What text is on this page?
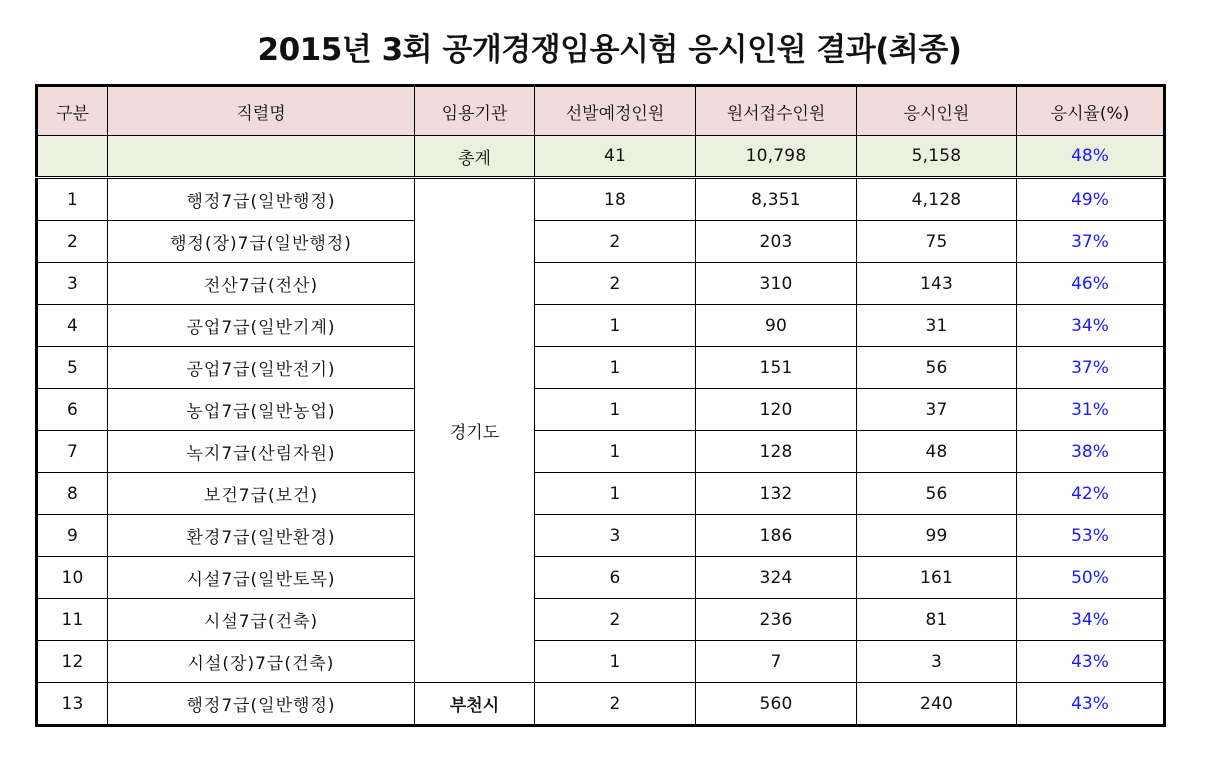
2015년 3회 공개경쟁임용시험 응시인원 결과(최종)
구분	직렬명	임용기관	선발예정인원	원서접수인원	응시인원	응시율(%)
		총계	41	10,798	5,158	48%
1	행정7급(일반행정)	경기도	18	8,351	4,128	49%
2	행정(장)7급(일반행정)		2	203	75	37%
3	전산7급(전산)		2	310	143	46%
4	공업7급(일반기계)		1	90	31	34%
5	공업7급(일반전기)		1	151	56	37%
6	농업7급(일반농업)		1	120	37	31%
7	녹지7급(산림자원)		1	128	48	38%
8	보건7급(보건)		1	132	56	42%
9	환경7급(일반환경)		3	186	99	53%
10	시설7급(일반토목)		6	324	161	50%
11	시설7급(건축)		2	236	81	34%
12	시설(장)7급(건축)		1	7	3	43%
13	행정7급(일반행정)	부천시	2	560	240	43%
